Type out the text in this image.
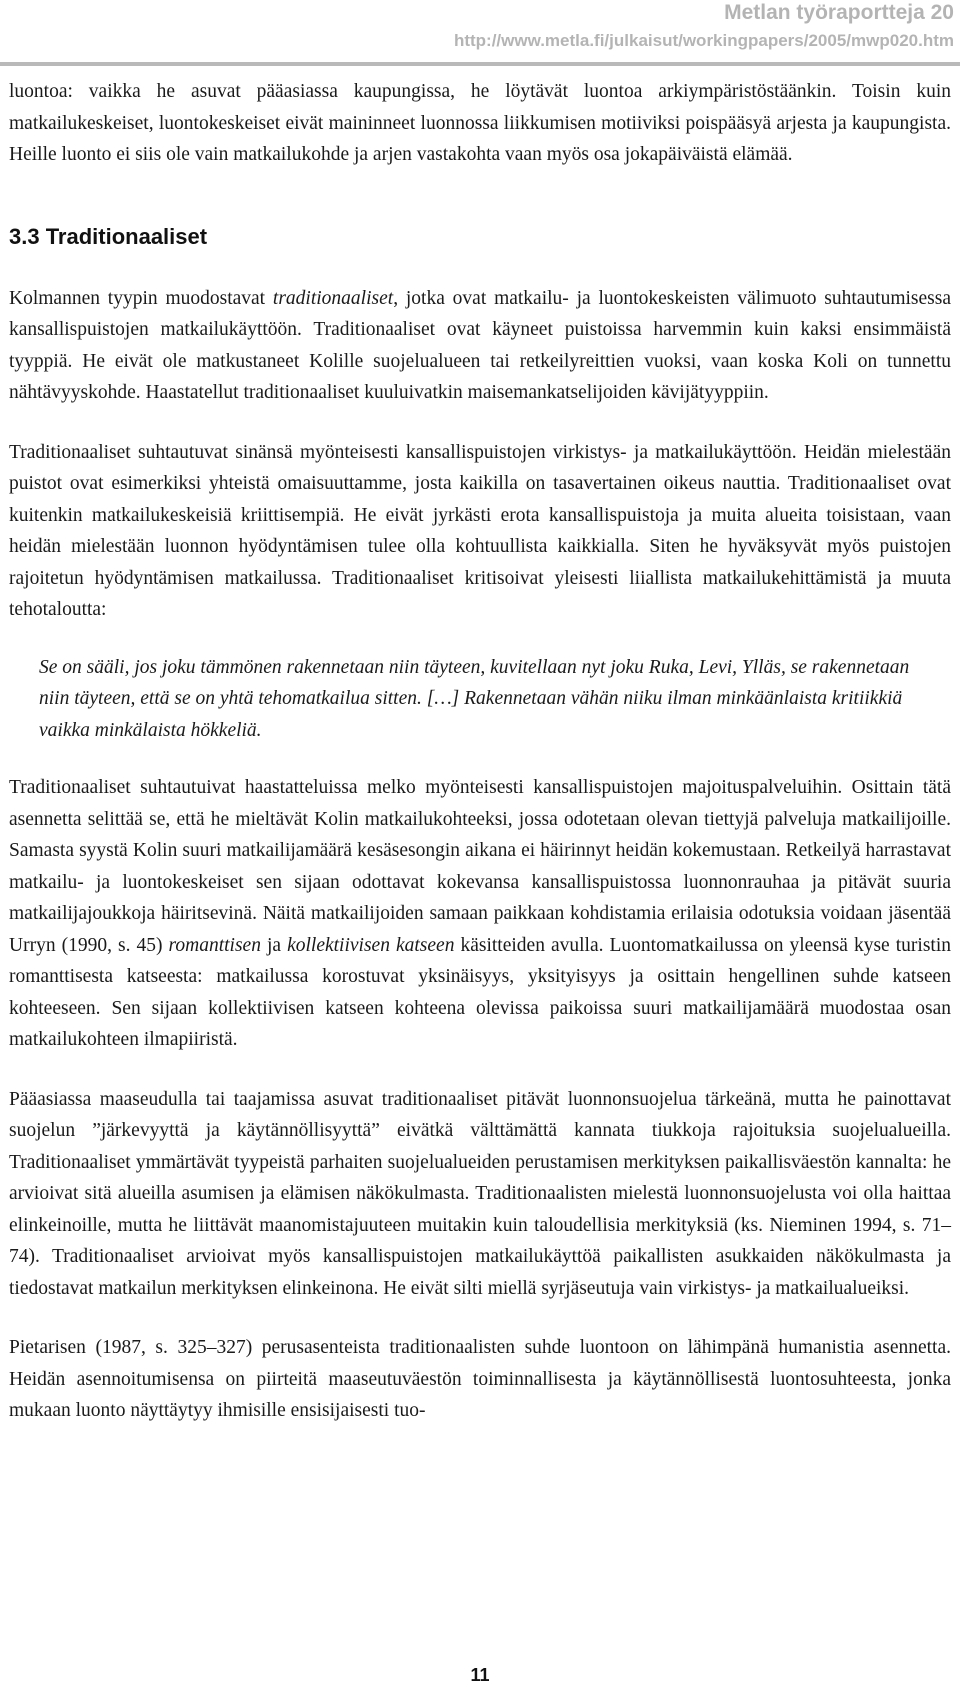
Metlan työraportteja 20
http://www.metla.fi/julkaisut/workingpapers/2005/mwp020.htm

luontoa: vaikka he asuvat pääasiassa kaupungissa, he löytävät luontoa arkiympäristöstäänkin. Toisin kuin matkailukeskeiset, luontokeskeiset eivät maininneet luonnossa liikkumisen motiiviksi poispääsyä arjesta ja kaupungista. Heille luonto ei siis ole vain matkailukohde ja arjen vastakohta vaan myös osa jokapäiväistä elämää.

3.3 Traditionaaliset

Kolmannen tyypin muodostavat traditionaaliset, jotka ovat matkailu- ja luontokeskeisten välimuoto suhtautumisessa kansallispuistojen matkailukäyttöön. Traditionaaliset ovat käyneet puistoissa harvemmin kuin kaksi ensimmäistä tyyppiä. He eivät ole matkustaneet Kolille suojelualueen tai retkeilyreittien vuoksi, vaan koska Koli on tunnettu nähtävyyskohde. Haastatellut traditionaaliset kuuluivatkin maisemankatselijoiden kävijätyyppiin.

Traditionaaliset suhtautuvat sinänsä myönteisesti kansallispuistojen virkistys- ja matkailukäyttöön. Heidän mielestään puistot ovat esimerkiksi yhteistä omaisuuttamme, josta kaikilla on tasavertainen oikeus nauttia. Traditionaaliset ovat kuitenkin matkailukeskeisiä kriittisempiä. He eivät jyrkästi erota kansallispuistoja ja muita alueita toisistaan, vaan heidän mielestään luonnon hyödyntämisen tulee olla kohtuullista kaikkialla. Siten he hyväksyvät myös puistojen rajoitetun hyödyntämisen matkailussa. Traditionaaliset kritisoivat yleisesti liiallista matkailukehittämistä ja muuta tehotaloutta:

Se on sääli, jos joku tämmönen rakennetaan niin täyteen, kuvitellaan nyt joku Ruka, Levi, Ylläs, se rakennetaan niin täyteen, että se on yhtä tehomatkailua sitten. […] Rakennetaan vähän niiku ilman minkäänlaista kritiikkiä vaikka minkälaista hökkeliä.

Traditionaaliset suhtautuivat haastatteluissa melko myönteisesti kansallispuistojen majoituspalveluihin. Osittain tätä asennetta selittää se, että he mieltävät Kolin matkailukohteeksi, jossa odotetaan olevan tiettyjä palveluja matkailijoille. Samasta syystä Kolin suuri matkailijamäärä kesäsesongin aikana ei häirinnyt heidän kokemustaan. Retkeilyä harrastavat matkailu- ja luontokeskeiset sen sijaan odottavat kokevansa kansallispuistossa luonnonrauhaa ja pitävät suuria matkailijajoukkoja häiritsevinä. Näitä matkailijoiden samaan paikkaan kohdistamia erilaisia odotuksia voidaan jäsentää Urryn (1990, s. 45) romanttisen ja kollektiivisen katseen käsitteiden avulla. Luontomatkailussa on yleensä kyse turistin romanttisesta katseesta: matkailussa korostuvat yksinäisyys, yksityisyys ja osittain hengellinen suhde katseen kohteeseen. Sen sijaan kollektiivisen katseen kohteena olevissa paikoissa suuri matkailijamäärä muodostaa osan matkailukohteen ilmapiiristä.

Pääasiassa maaseudulla tai taajamissa asuvat traditionaaliset pitävät luonnonsuojelua tärkeänä, mutta he painottavat suojelun ”järkevyyttä ja käytännöllisyyttä” eivätkä välttämättä kannata tiukkoja rajoituksia suojelualueilla. Traditionaaliset ymmärtävät tyypeistä parhaiten suojelualueiden perustamisen merkityksen paikallisväestön kannalta: he arvioivat sitä alueilla asumisen ja elämisen näkökulmasta. Traditionaalisten mielestä luonnonsuojelusta voi olla haittaa elinkeinoille, mutta he liittävät maanomistajuuteen muitakin kuin taloudellisia merkityksiä (ks. Nieminen 1994, s. 71–74). Traditionaaliset arvioivat myös kansallispuistojen matkailukäyttöä paikallisten asukkaiden näkökulmasta ja tiedostavat matkailun merkityksen elinkeinona. He eivät silti miellä syrjäseutuja vain virkistys- ja matkailualueiksi.

Pietarisen (1987, s. 325–327) perusasenteista traditionaalisten suhde luontoon on lähimpänä humanistia asennetta. Heidän asennoitumisensa on piirteitä maaseutuväestön toiminnallisesta ja käytännöllisestä luontosuhteesta, jonka mukaan luonto näyttäytyy ihmisille ensisijaisesti tuo-

11
